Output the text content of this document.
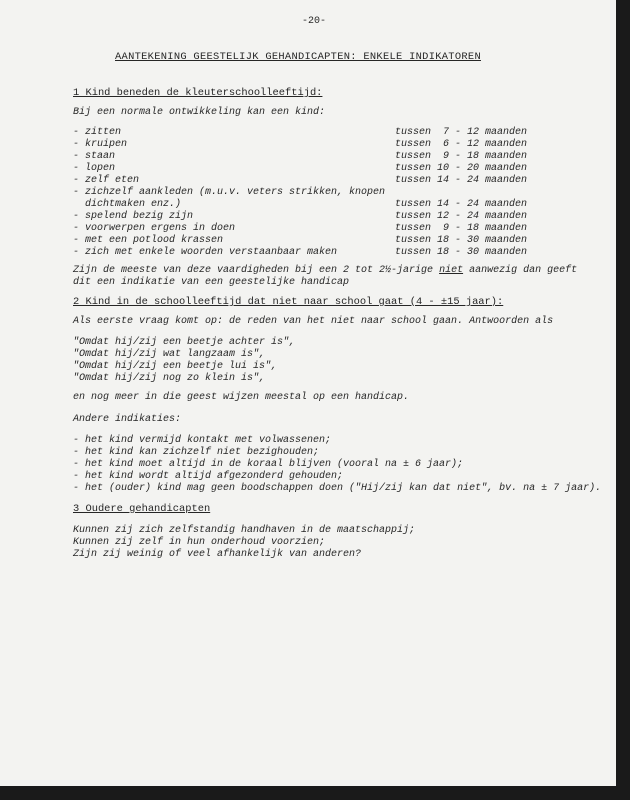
-20-
AANTEKENING GEESTELIJK GEHANDICAPTEN: ENKELE INDIKATOREN
1 Kind beneden de kleuterschoolleeftijd:
Bij een normale ontwikkeling kan een kind:
- zitten	tussen  7 - 12 maanden
- kruipen	tussen  6 - 12 maanden
- staan	tussen  9 - 18 maanden
- lopen	tussen 10 - 20 maanden
- zelf eten	tussen 14 - 24 maanden
- zichzelf aankleden (m.u.v. veters strikken, knopen
dichtmaken enz.)	tussen 14 - 24 maanden
- spelend bezig zijn	tussen 12 - 24 maanden
- voorwerpen ergens in doen	tussen  9 - 18 maanden
- met een potlood krassen	tussen 18 - 30 maanden
- zich met enkele woorden verstaanbaar maken	tussen 18 - 30 maanden
Zijn de meeste van deze vaardigheden bij een 2 tot 2½-jarige niet aanwezig dan geeft
dit een indikatie van een geestelijke handicap
2 Kind in de schoolleeftijd dat niet naar school gaat (4 - ±15 jaar):
Als eerste vraag komt op: de reden van het niet naar school gaan. Antwoorden als
"Omdat hij/zij een beetje achter is",
"Omdat hij/zij wat langzaam is",
"Omdat hij/zij een beetje lui is",
"Omdat hij/zij nog zo klein is",
en nog meer in die geest wijzen meestal op een handicap.
Andere indikaties:
- het kind vermijd kontakt met volwassenen;
- het kind kan zichzelf niet bezighouden;
- het kind moet altijd in de koraal blijven (vooral na ± 6 jaar);
- het kind wordt altijd afgezonderd gehouden;
- het (ouder) kind mag geen boodschappen doen ("Hij/zij kan dat niet", bv. na ± 7 jaar).
3 Oudere gehandicapten
Kunnen zij zich zelfstandig handhaven in de maatschappij;
Kunnen zij zelf in hun onderhoud voorzien;
Zijn zij weinig of veel afhankelijk van anderen?
